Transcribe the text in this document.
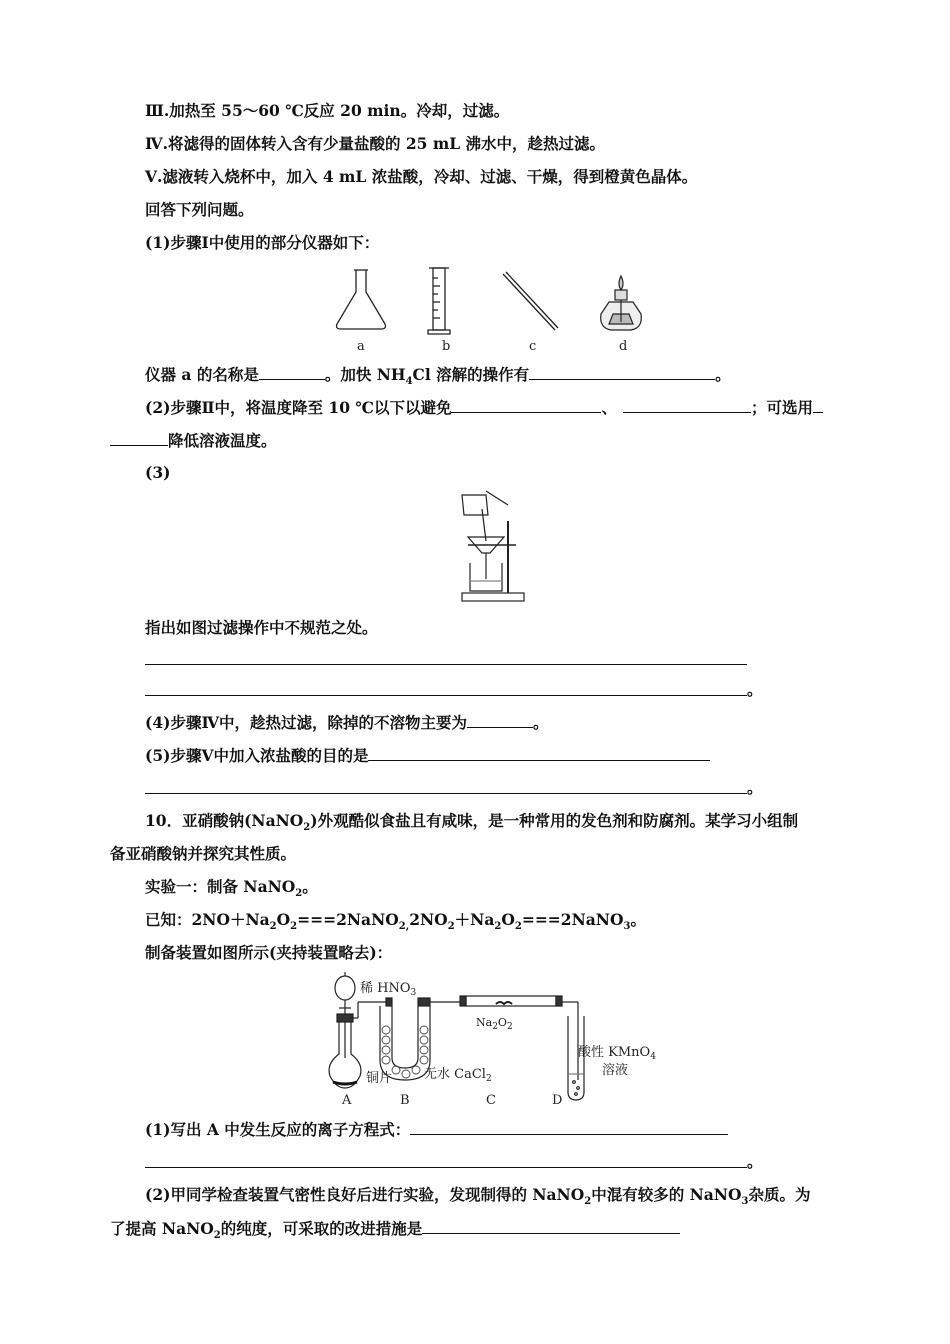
Ⅲ.加热至 55～60 ℃反应 20 min。冷却，过滤。
Ⅳ.将滤得的固体转入含有少量盐酸的 25 mL 沸水中，趁热过滤。
Ⅴ.滤液转入烧杯中，加入 4 mL 浓盐酸，冷却、过滤、干燥，得到橙黄色晶体。
回答下列问题。
(1)步骤Ⅰ中使用的部分仪器如下：
a	b	c	d
仪器 a 的名称是	。加快 $NH_4Cl$ 溶解的操作有	。
(2)步骤Ⅱ中，将温度降至 10 ℃以下以避免	、	；可选用
降低溶液温度。
(3)
指出如图过滤操作中不规范之处。
。
(4)步骤Ⅳ中，趁热过滤，除掉的不溶物主要为	。
(5)步骤Ⅴ中加入浓盐酸的目的是
。
10．亚硝酸钠(NaNO$_2$)外观酷似食盐且有咸味，是一种常用的发色剂和防腐剂。某学习小组制
备亚硝酸钠并探究其性质。
实验一：制备 NaNO$_2$。
已知：$2NO+Na_2O_2===2NaNO_{2,}2NO_2+Na_2O_2===2NaNO_3$。
制备装置如图所示(夹持装置略去)：
稀 $HNO_3$
$Na_2O_2$
铜片 无水 CaCl$_2$
酸性 KMnO$_4$
溶液
A	B	C	D
(1)写出 A 中发生反应的离子方程式：
。
(2)甲同学检查装置气密性良好后进行实验，发现制得的 NaNO$_2$中混有较多的 NaNO$_3$杂质。为
了提高 NaNO$_2$的纯度，可采取的改进措施是
